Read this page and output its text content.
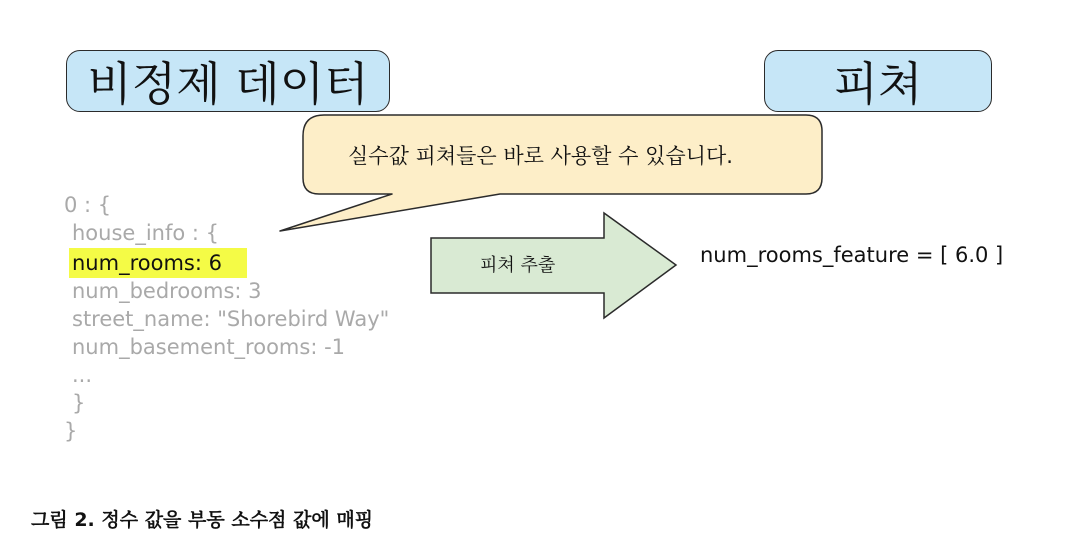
비정제 데이터	피쳐
실수값 피쳐들은 바로 사용할 수 있습니다.
0 : {
house_info : {
num_rooms: 6
num_bedrooms: 3
street_name: "Shorebird Way"
num_basement_rooms: -1
...
}
}
피쳐 추출	num_rooms_feature = [ 6.0 ]
그림 2. 정수 값을 부동 소수점 값에 매핑
